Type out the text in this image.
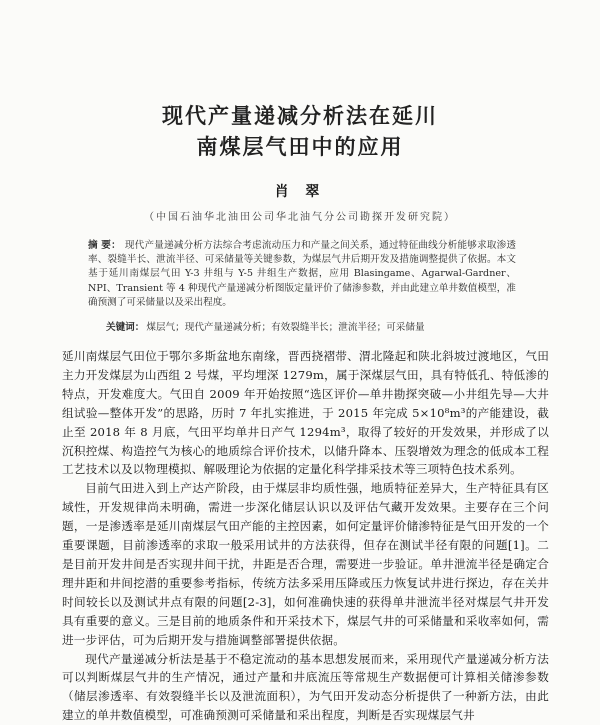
现代产量递减分析法在延川
南煤层气田中的应用
肖 翠
（中国石油华北油田公司华北油气分公司勘探开发研究院）

摘 要： 现代产量递减分析方法综合考虑流动压力和产量之间关系，通过特征曲线分析能够求取渗透率、裂缝半长、泄流半径、可采储量等关键参数，为煤层气井后期开发及措施调整提供了依据。本文基于延川南煤层气田 Y-3 井组与 Y-5 井组生产数据，应用 Blasingame、Agarwal-Gardner、NPI、Transient 等 4 种现代产量递减分析图版定量评价了储渗参数，并由此建立单井数值模型，准确预测了可采储量以及采出程度。

关键词： 煤层气；现代产量递减分析；有效裂缝半长；泄流半径；可采储量

延川南煤层气田位于鄂尔多斯盆地东南缘，晋西挠褶带、渭北隆起和陕北斜坡过渡地区，气田主力开发煤层为山西组 2 号煤，平均埋深 1279m，属于深煤层气田，具有特低孔、特低渗的特点，开发难度大。气田自 2009 年开始按照“选区评价—单井勘探突破—小井组先导—大井组试验—整体开发”的思路，历时 7 年扎实推进，于 2015 年完成 5×10⁸m³的产能建设，截止至 2018 年 8 月底，气田平均单井日产气 1294m³，取得了较好的开发效果，并形成了以沉积控煤、构造控气为核心的地质综合评价技术，以储升降本、压裂增效为理念的低成本工程工艺技术以及以物理模拟、解吸理论为依据的定量化科学排采技术等三项特色技术系列。

目前气田进入到上产达产阶段，由于煤层非均质性强，地质特征差异大，生产特征具有区域性，开发规律尚未明确，需进一步深化储层认识以及评估气藏开发效果。主要存在三个问题，一是渗透率是延川南煤层气田产能的主控因素，如何定量评价储渗特征是气田开发的一个重要课题，目前渗透率的求取一般采用试井的方法获得，但存在测试半径有限的问题[1]。二是目前开发井间是否实现井间干扰，井距是否合理，需要进一步验证。单井泄流半径是确定合理井距和井间挖潜的重要参考指标，传统方法多采用压降或压力恢复试井进行探边，存在关井时间较长以及测试井点有限的问题[2-3]，如何准确快速的获得单井泄流半径对煤层气井开发具有重要的意义。三是目前的地质条件和开采技术下，煤层气井的可采储量和采收率如何，需进一步评估，可为后期开发与措施调整部署提供依据。

现代产量递减分析法是基于不稳定流动的基本思想发展而来，采用现代产量递减分析方法可以判断煤层气井的生产情况，通过产量和井底流压等常规生产数据便可计算相关储渗参数（储层渗透率、有效裂缝半长以及泄流面积），为气田开发动态分析提供了一种新方法，由此建立的单井数值模型，可准确预测可采储量和采出程度，判断是否实现煤层气井
